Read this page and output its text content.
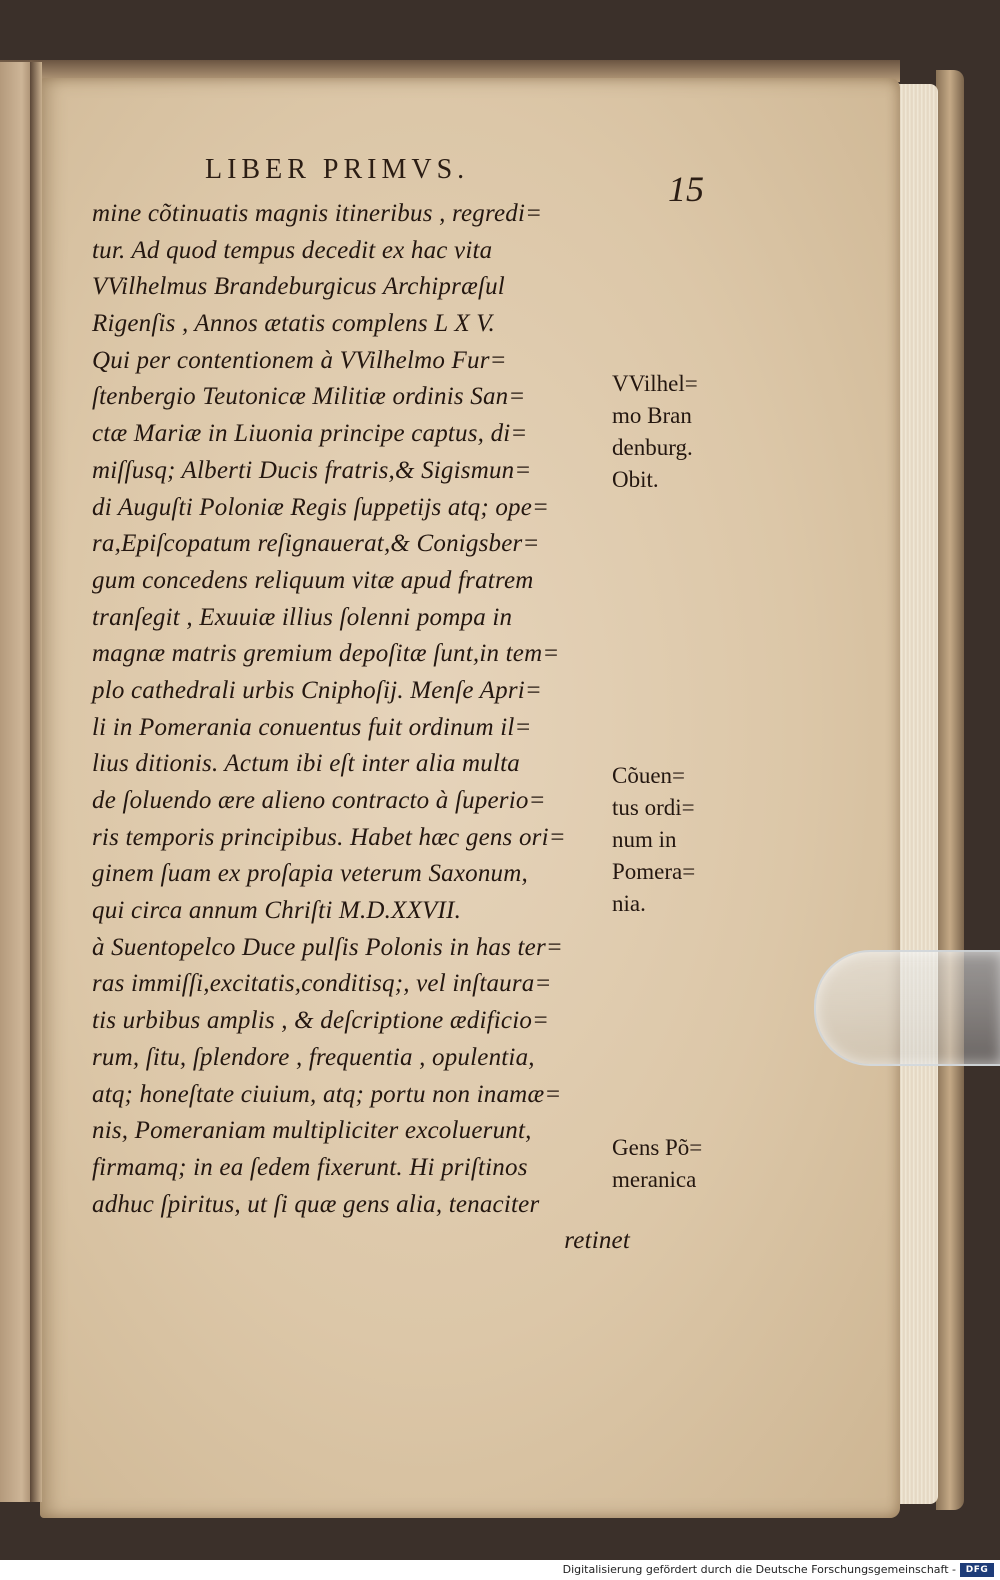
LIBER PRIMVS.	15
mine cõtinuatis magnis itineribus , regredi=
tur. Ad quod tempus decedit ex hac vita
VVilhelmus Brandeburgicus Archipræſul
Rigenſis , Annos ætatis complens L X V.
Qui per contentionem à VVilhelmo Fur=
ſtenbergio Teutonicæ Militiæ ordinis San=
ctæ Mariæ in Liuonia principe captus, di=
miſſusq; Alberti Ducis fratris,& Sigismun=
di Auguſti Poloniæ Regis ſuppetijs atq; ope=
ra,Epiſcopatum reſignauerat,& Conigsber=
gum concedens reliquum vitæ apud fratrem
tranſegit , Exuuiæ illius ſolenni pompa in
magnæ matris gremium depoſitæ ſunt,in tem=
plo cathedrali urbis Cniphoſij. Menſe Apri=
li in Pomerania conuentus fuit ordinum il=
lius ditionis. Actum ibi eſt inter alia multa
de ſoluendo ære alieno contracto à ſuperio=
ris temporis principibus. Habet hæc gens ori=
ginem ſuam ex proſapia veterum Saxonum,
qui circa annum Chriſti M.D.XXVII.
à Suentopelco Duce pulſis Polonis in has ter=
ras immiſſi,excitatis,conditisq;, vel inſtaura=
tis urbibus amplis , & deſcriptione ædificio=
rum, ſitu, ſplendore , frequentia , opulentia,
atq; honeſtate ciuium, atq; portu non inamæ=
nis, Pomeraniam multipliciter excoluerunt,
firmamq; in ea ſedem fixerunt. Hi priſtinos
adhuc ſpiritus, ut ſi quæ gens alia, tenaciter
retinet
VVilhel=
mo Bran
denburg.
Obit.
Cõuen=
tus ordi=
num in
Pomera=
nia.
Gens Põ=
meranica
Digitalisierung gefördert durch die Deutsche Forschungsgemeinschaft -	DFG
